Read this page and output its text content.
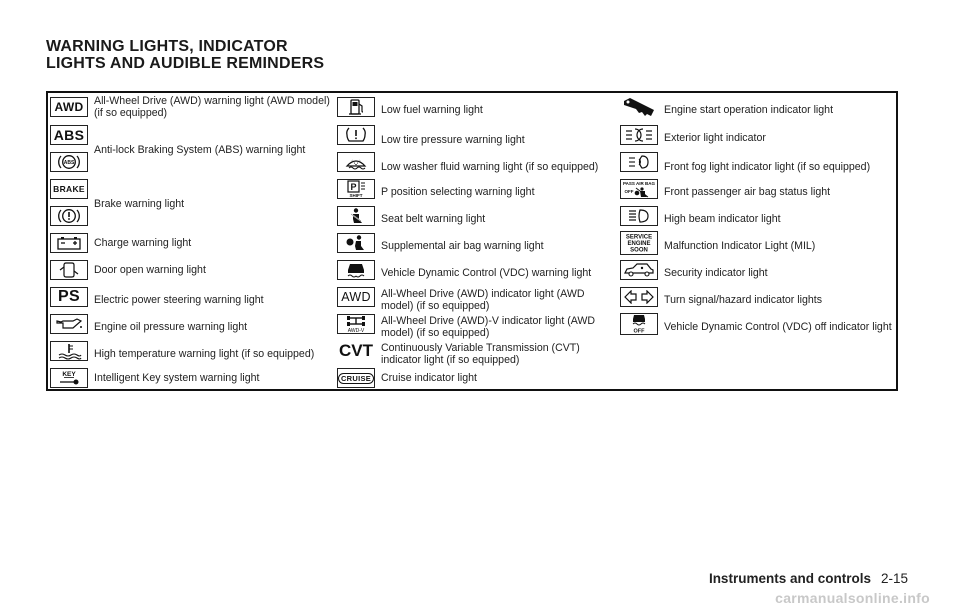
WARNING LIGHTS, INDICATOR
LIGHTS AND AUDIBLE REMINDERS
AWD All-Wheel Drive (AWD) warning light (AWD model) (if so equipped)
ABS
Anti-lock Braking System (ABS) warning light
ABS
BRAKE
Brake warning light
Charge warning light
Door open warning light
PS Electric power steering warning light
Engine oil pressure warning light
High temperature warning light (if so equipped)
KEY Intelligent Key system warning light
Low fuel warning light
Low tire pressure warning light
Low washer fluid warning light (if so equipped)
P
SHIFT P position selecting warning light
Seat belt warning light
Supplemental air bag warning light
Vehicle Dynamic Control (VDC) warning light
AWD All-Wheel Drive (AWD) indicator light (AWD model) (if so equipped)
AWD-V
All-Wheel Drive (AWD)-V indicator light (AWD model) (if so equipped)
CVT Continuously Variable Transmission (CVT) indicator light (if so equipped)
CRUISE Cruise indicator light
Engine start operation indicator light
Exterior light indicator
Front fog light indicator light (if so equipped)
PASS AIR BAG
OFF	Front passenger air bag status light
High beam indicator light
SERVICE
ENGINE
SOON Malfunction Indicator Light (MIL)
Security indicator light
Turn signal/hazard indicator lights
OFF Vehicle Dynamic Control (VDC) off indicator light
Instruments and controls 2-15
carmanualsonline.info
